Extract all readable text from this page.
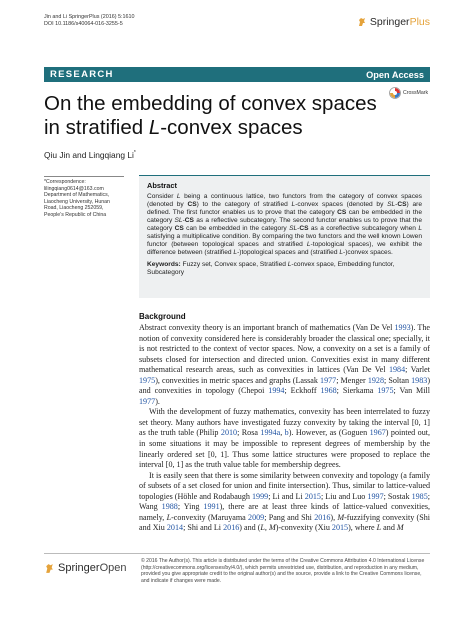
Jin and Li SpringerPlus (2016) 5:1610
DOI 10.1186/s40064-016-3255-5	SpringerPlus
RESEARCH	Open Access
CrossMark
On the embedding of convex spaces in stratified L-convex spaces
Qiu Jin and Lingqiang Li*
*Correspondence:
lilingqiang0614@163.com
Department of Mathematics, Liaocheng University, Hunan Road, Liaocheng 252059, People’s Republic of China
Abstract
Consider L being a continuous lattice, two functors from the category of convex spaces (denoted by CS) to the category of stratified L-convex spaces (denoted by SL-CS) are defined. The first functor enables us to prove that the category CS can be embedded in the category SL-CS as a reflective subcategory. The second functor enables us to prove that the category CS can be embedded in the category SL-CS as a coreflective subcategory when L satisfying a multiplicative condition. By comparing the two functors and the well known Lowen functor (between topological spaces and stratified L-topological spaces), we exhibit the difference between (stratified L-)topological spaces and (stratified L-)convex spaces.
Keywords: Fuzzy set, Convex space, Stratified L-convex space, Embedding functor, Subcategory
Background

Abstract convexity theory is an important branch of mathematics (Van De Vel 1993). The notion of convexity considered here is considerably broader the classical one; specially, it is not restricted to the context of vector spaces. Now, a convexity on a set is a family of subsets closed for intersection and directed union. Convexities exist in many different mathematical research areas, such as convexities in lattices (Van De Vel 1984; Varlet 1975), convexities in metric spaces and graphs (Lassak 1977; Menger 1928; Soltan 1983) and convexities in topology (Chepoi 1994; Eckhoff 1968; Sierkama 1975; Van Mill 1977).

With the development of fuzzy mathematics, convexity has been interrelated to fuzzy set theory. Many authors have investigated fuzzy convexity by taking the interval [0, 1] as the truth table (Philip 2010; Rosa 1994a, b). However, as (Goguen 1967) pointed out, in some situations it may be impossible to represent degrees of membership by the linearly ordered set [0, 1]. Thus some lattice structures were proposed to replace the interval [0, 1] as the truth value table for membership degrees.

It is easily seen that there is some similarity between convexity and topology (a family of subsets of a set closed for union and finite intersection). Thus, similar to lattice-valued topologies (Höhle and Rodabaugh 1999; Li and Li 2015; Liu and Luo 1997; Sostak 1985; Wang 1988; Ying 1991), there are at least three kinds of lattice-valued convexities, namely, L-convexity (Maruyama 2009; Pang and Shi 2016), M-fuzzifying convexity (Shi and Xiu 2014; Shi and Li 2016) and (L, M)-convexity (Xiu 2015), where L and M

SpringerOpen
© 2016 The Author(s). This article is distributed under the terms of the Creative Commons Attribution 4.0 International License (http://creativecommons.org/licenses/by/4.0/), which permits unrestricted use, distribution, and reproduction in any medium, provided you give appropriate credit to the original author(s) and the source, provide a link to the Creative Commons license, and indicate if changes were made.
